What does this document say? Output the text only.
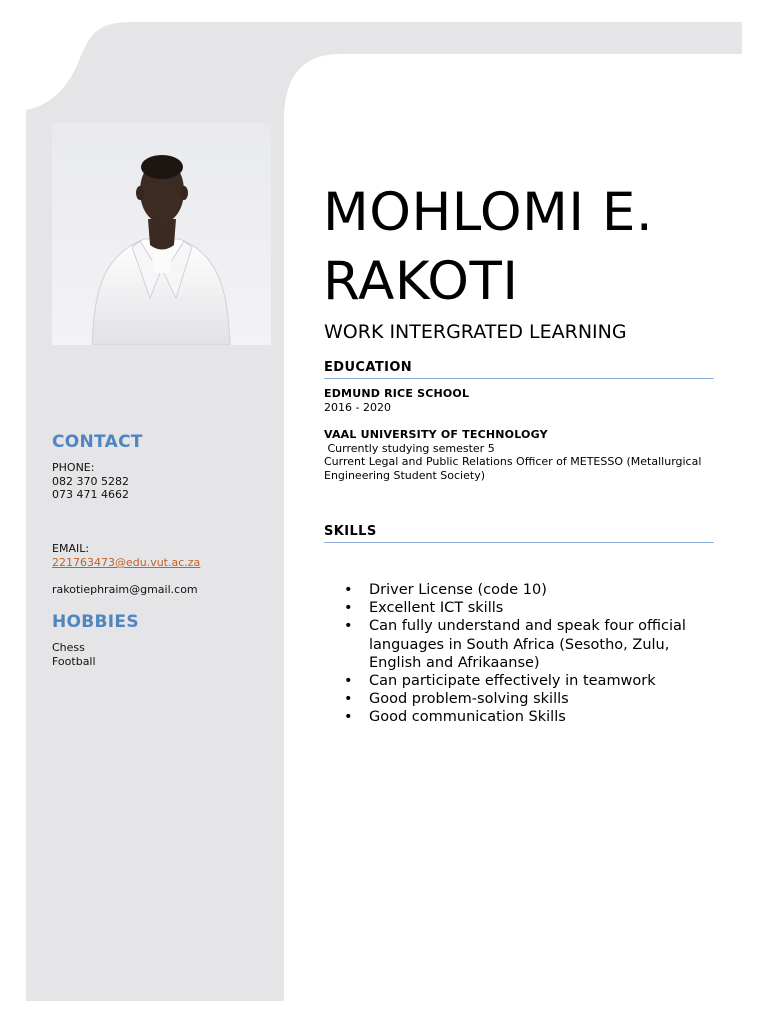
CONTACT

PHONE:

082 370 5282

073 471 4662

EMAIL:

221763473@edu.vut.ac.za

rakotiephraim@gmail.com

HOBBIES

Chess

Football

MOHLOMI E. RAKOTI
WORK INTERGRATED LEARNING
EDUCATION
EDMUND RICE SCHOOL
2016 - 2020
VAAL UNIVERSITY OF TECHNOLOGY
Currently studying semester 5
Current Legal and Public Relations Officer of METESSO (Metallurgical
Engineering Student Society)
SKILLS
• Driver License (code 10)
• Excellent ICT skills
• Can fully understand and speak four official languages in South Africa (Sesotho, Zulu, English and Afrikaanse)
• Can participate effectively in teamwork
• Good problem-solving skills
• Good communication Skills
